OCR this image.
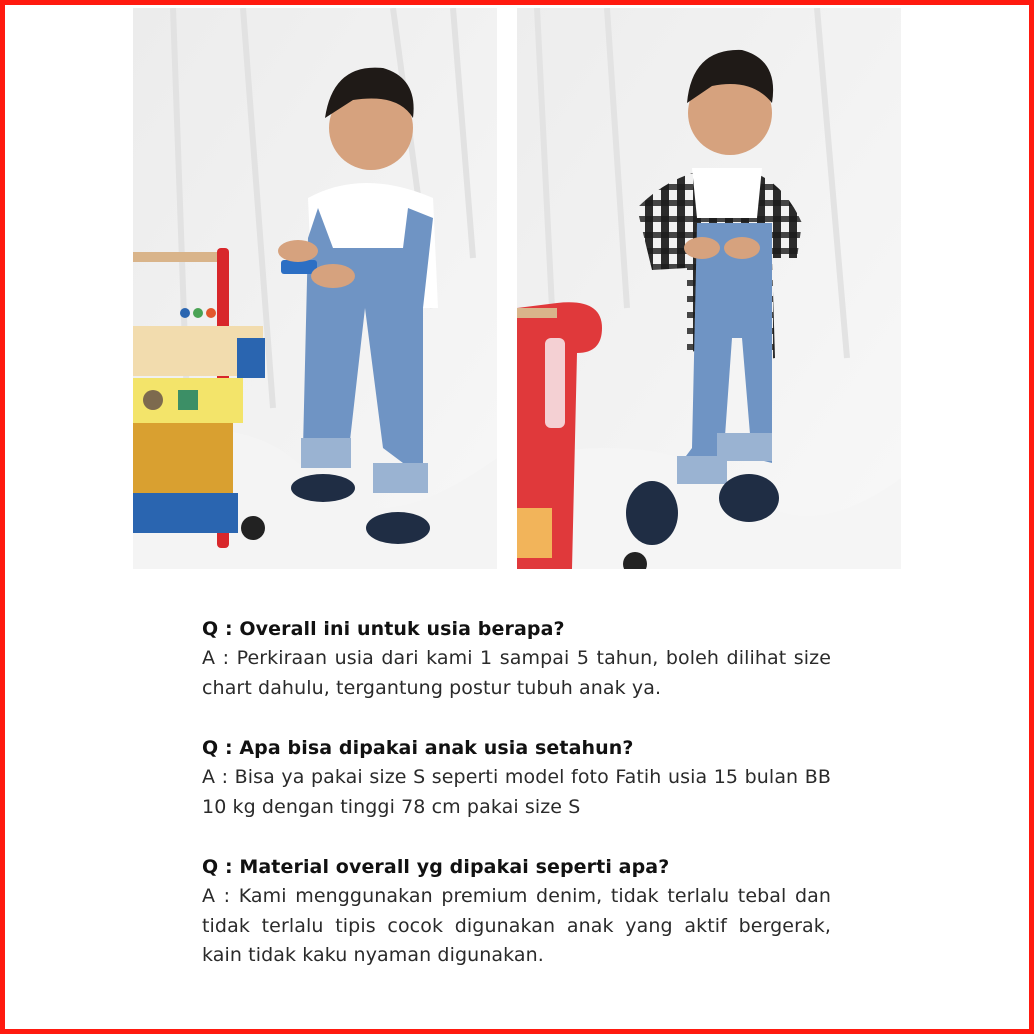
Q : Overall ini untuk usia berapa?

A : Perkiraan usia dari kami 1 sampai 5 tahun, boleh dilihat size chart dahulu, tergantung postur tubuh anak ya.

Q : Apa bisa dipakai anak usia setahun?

A : Bisa ya pakai size S seperti model foto Fatih usia 15 bulan BB 10 kg dengan tinggi 78 cm pakai size S

Q : Material overall yg dipakai seperti apa?

A : Kami menggunakan premium denim, tidak terlalu tebal dan tidak terlalu tipis cocok digunakan anak yang aktif bergerak, kain tidak kaku nyaman digunakan.
